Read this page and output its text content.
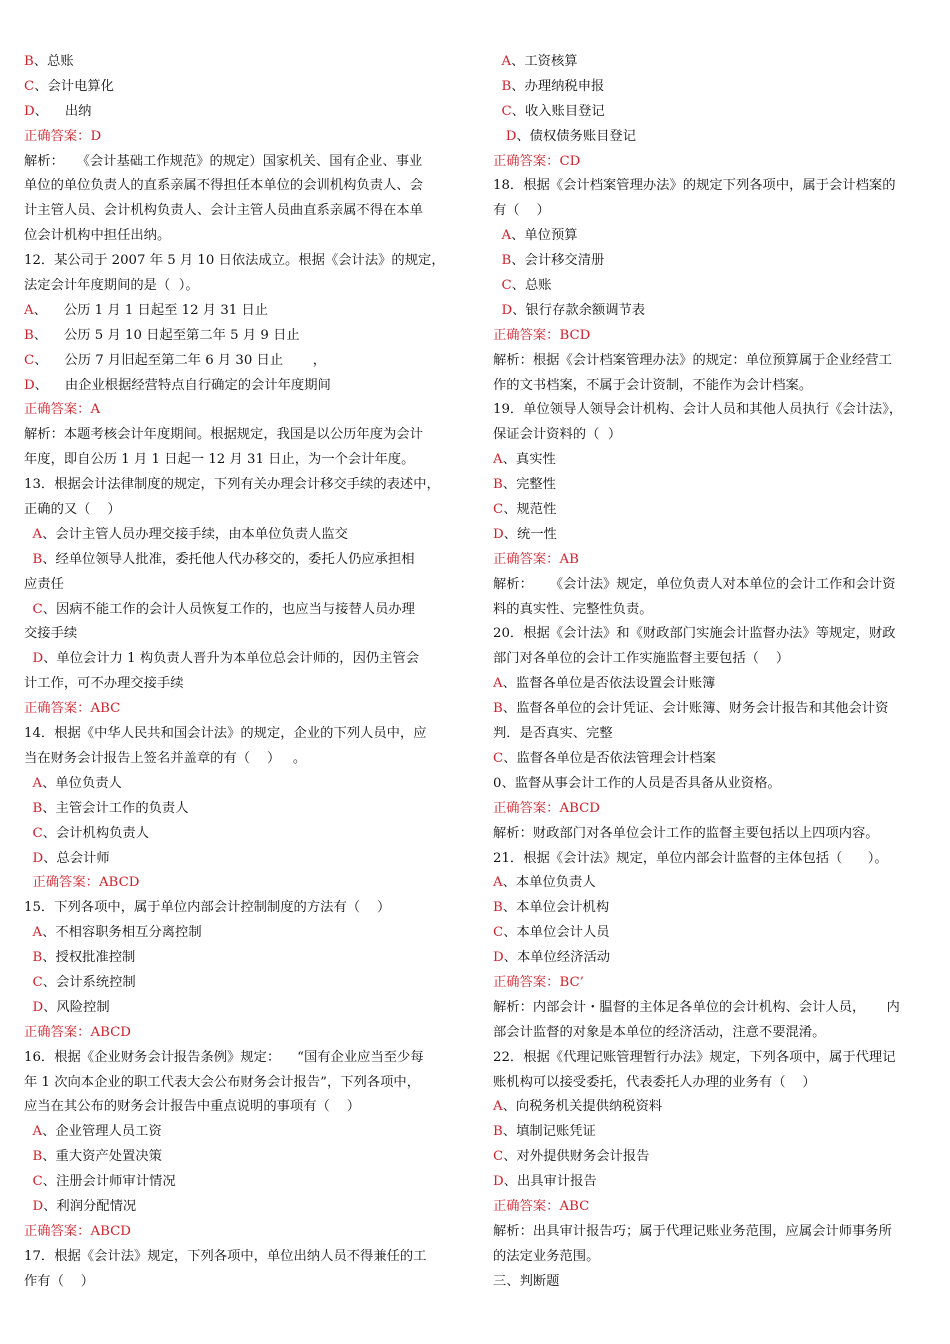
B、总账
C、会计电算化
D、    出纳
正确答案：D
解析：   《会计基础工作规范》的规定）国家机关、国有企业、事业
单位的单位负责人的直系亲属不得担任本单位的会训机构负责人、会
计主管人员、会计机构负责人、会计主管人员曲直系亲属不得在本单
位会计机构中担任出纳。
12．某公司于 2007 年 5 月 10 日依法成立。根据《会计法》的规定，
法定会计年度期间的是（  ）。
A、    公历 1 月 1 日起至 12 月 31 日止
B、    公历 5 月 10 日起至第二年 5 月 9 日止
C、    公历 7 月旧起至第二年 6 月 30 日止       ，
D、    由企业根据经营特点自行确定的会计年度期间
正确答案：A
解析：本题考核会计年度期间。根据规定，我国是以公历年度为会计
年度，即自公历 1 月 1 日起一 12 月 31 日止，为一个会计年度。
13．根据会计法律制度的规定，下列有关办理会计移交手续的表述中，
正确的又（    ）
A、会计主管人员办理交接手续，由本单位负责人监交
B、经单位领导人批准，委托他人代办移交的，委托人仍应承担相
应责任
C、因病不能工作的会计人员恢复工作的，也应当与接替人员办理
交接手续
D、单位会计力 1 构负责人晋升为本单位总会计师的，因仍主管会
计工作，可不办理交接手续
正确答案：ABC
14．根据《中华人民共和国会计法》的规定，企业的下列人员中，应
当在财务会计报告上签名并盖章的有（    ）   。
A、单位负责人
B、主管会计工作的负责人
C、会计机构负责人
D、总会计师
正确答案：ABCD
15．下列各项中，属于单位内部会计控制制度的方法有（    ）
A、不相容职务相互分离控制
B、授权批准控制
C、会计系统控制
D、风险控制
正确答案：ABCD
16．根据《企业财务会计报告条例》规定：    “国有企业应当至少每
年 1 次向本企业的职工代表大会公布财务会计报告”，下列各项中，
应当在其公布的财务会计报告中重点说明的事项有（    ）
A、企业管理人员工资
B、重大资产处置决策
C、注册会计师审计情况
D、利润分配情况
正确答案：ABCD
17．根据《会计法》规定，下列各项中，单位出纳人员不得兼任的工
作有（    ）
A、工资核算
B、办理纳税申报
C、收入账目登记
D、债权债务账目登记
正确答案：CD
18．根据《会计档案管理办法》的规定下列各项中，属于会计档案的
有（    ）
A、单位预算
B、会计移交清册
C、总账
D、银行存款余额调节表
正确答案：BCD
解析：根据《会计档案管理办法》的规定：单位预算属于企业经营工
作的文书档案，不属于会计资制，不能作为会计档案。
19．单位领导人领导会计机构、会计人员和其他人员执行《会计法》，
保证会计资料的（  ）
A、真实性
B、完整性
C、规范性
D、统一性
正确答案：AB
解析：    《会计法》规定，单位负责人对本单位的会计工作和会计资
料的真实性、完整性负责。
20．根据《会计法》和《财政部门实施会计监督办法》等规定，财政
部门对各单位的会计工作实施监督主要包括（    ）
A、监督各单位是否依法设置会计账簿
B、监督各单位的会计凭证、会计账簿、财务会计报告和其他会计资
判．是否真实、完整
C、监督各单位是否依法管理会计档案
0、监督从事会计工作的人员是否具备从业资格。
正确答案：ABCD
解析：财政部门对各单位会计工作的监督主要包括以上四项内容。
21．根据《会计法》规定，单位内部会计监督的主体包括（      ）。
A、本单位负责人
B、本单位会计机构
C、本单位会计人员
D、本单位经济活动
正确答案：BC’
解析：内部会计・腽督的主体足各单位的会计机构、会计人员，     内
部会计监督的对象是本单位的经济活动，注意不要混淆。
22．根据《代理记账管理暂行办法》规定，下列各项中，属于代理记
账机构可以接受委托，代表委托人办理的业务有（    ）
A、向税务机关提供纳税资料
B、填制记账凭证
C、对外提供财务会计报告
D、出具审计报告
正确答案：ABC
解析：出具审计报告巧；属于代理记账业务范围，应属会计师事务所
的法定业务范围。
三、判断题
